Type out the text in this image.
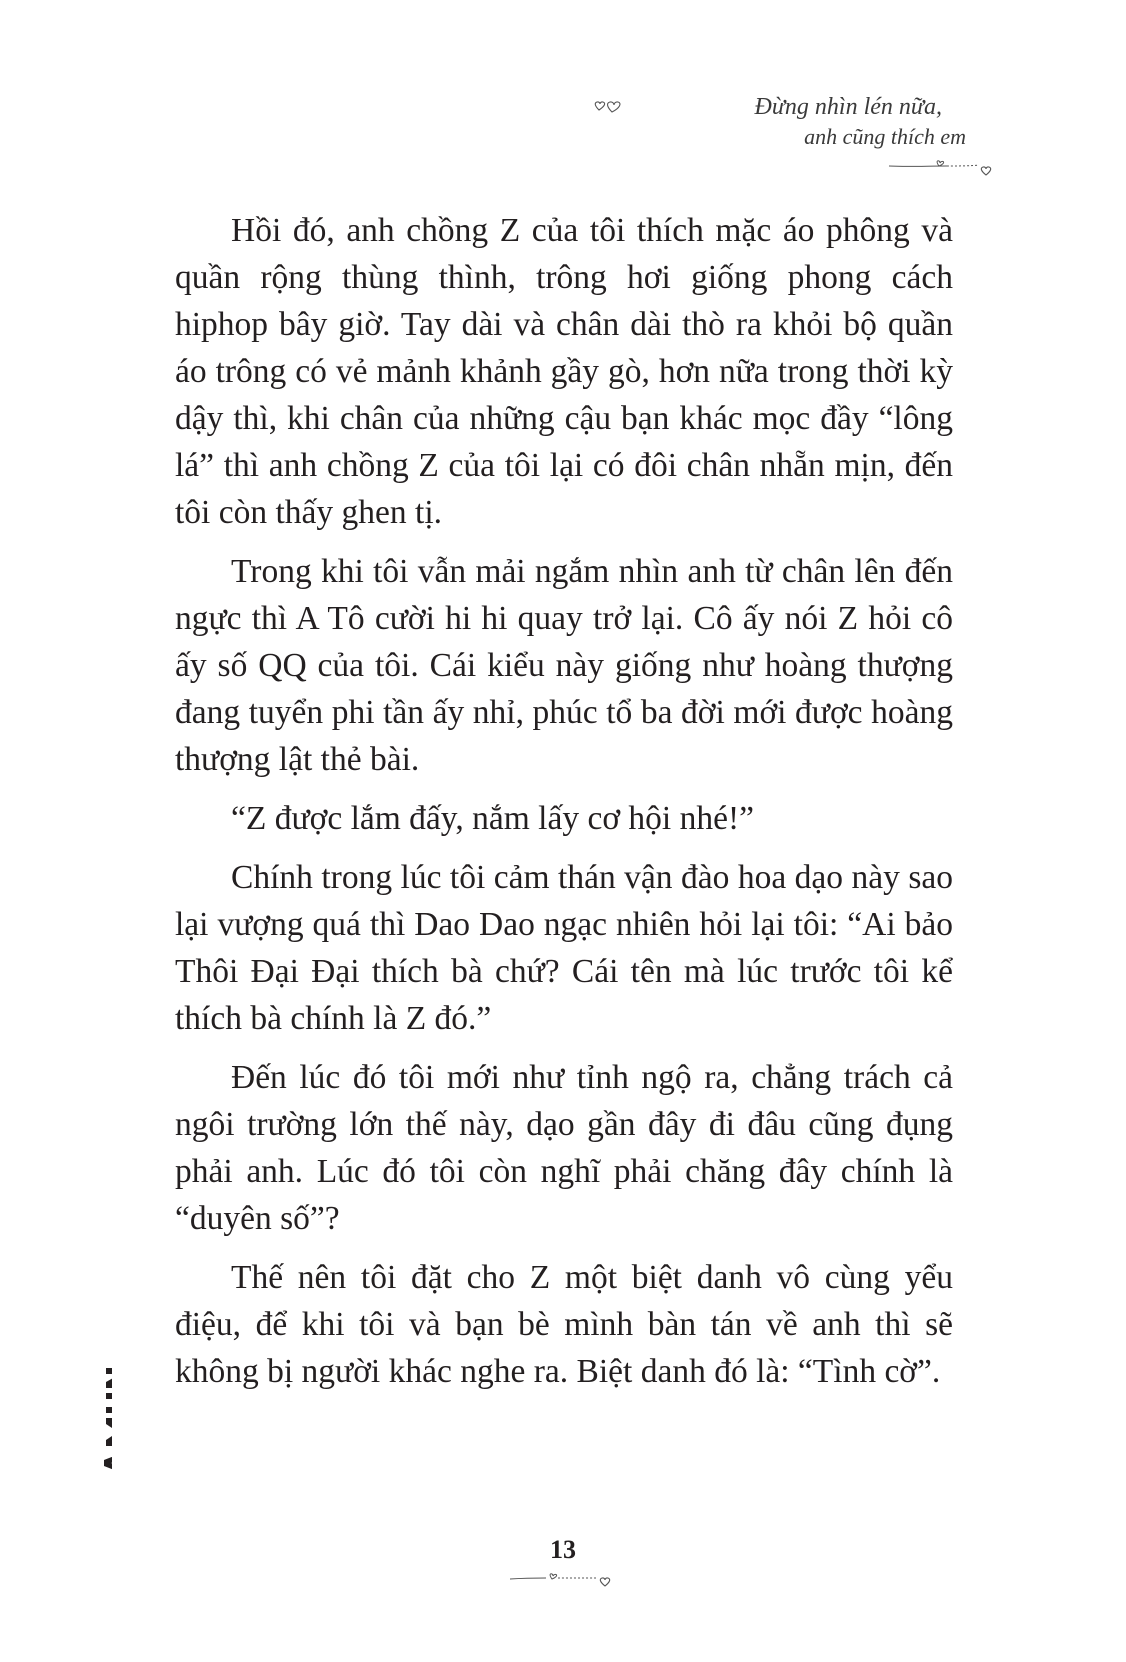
Đừng nhìn lén nữa,
anh cũng thích em

Hồi đó, anh chồng Z của tôi thích mặc áo phông và quần rộng thùng thình, trông hơi giống phong cách hiphop bây giờ. Tay dài và chân dài thò ra khỏi bộ quần áo trông có vẻ mảnh khảnh gầy gò, hơn nữa trong thời kỳ dậy thì, khi chân của những cậu bạn khác mọc đầy “lông lá” thì anh chồng Z của tôi lại có đôi chân nhẵn mịn, đến tôi còn thấy ghen tị.

Trong khi tôi vẫn mải ngắm nhìn anh từ chân lên đến ngực thì A Tô cười hi hi quay trở lại. Cô ấy nói Z hỏi cô ấy số QQ của tôi. Cái kiểu này giống như hoàng thượng đang tuyển phi tần ấy nhỉ, phúc tổ ba đời mới được hoàng thượng lật thẻ bài.

“Z được lắm đấy, nắm lấy cơ hội nhé!”

Chính trong lúc tôi cảm thán vận đào hoa dạo này sao lại vượng quá thì Dao Dao ngạc nhiên hỏi lại tôi: “Ai bảo Thôi Đại Đại thích bà chứ? Cái tên mà lúc trước tôi kể thích bà chính là Z đó.”

Đến lúc đó tôi mới như tỉnh ngộ ra, chẳng trách cả ngôi trường lớn thế này, dạo gần đây đi đâu cũng đụng phải anh. Lúc đó tôi còn nghĩ phải chăng đây chính là “duyên số”?

Thế nên tôi đặt cho Z một biệt danh vô cùng yểu điệu, để khi tôi và bạn bè mình bàn tán về anh thì sẽ không bị người khác nghe ra. Biệt danh đó là: “Tình cờ”.

13
